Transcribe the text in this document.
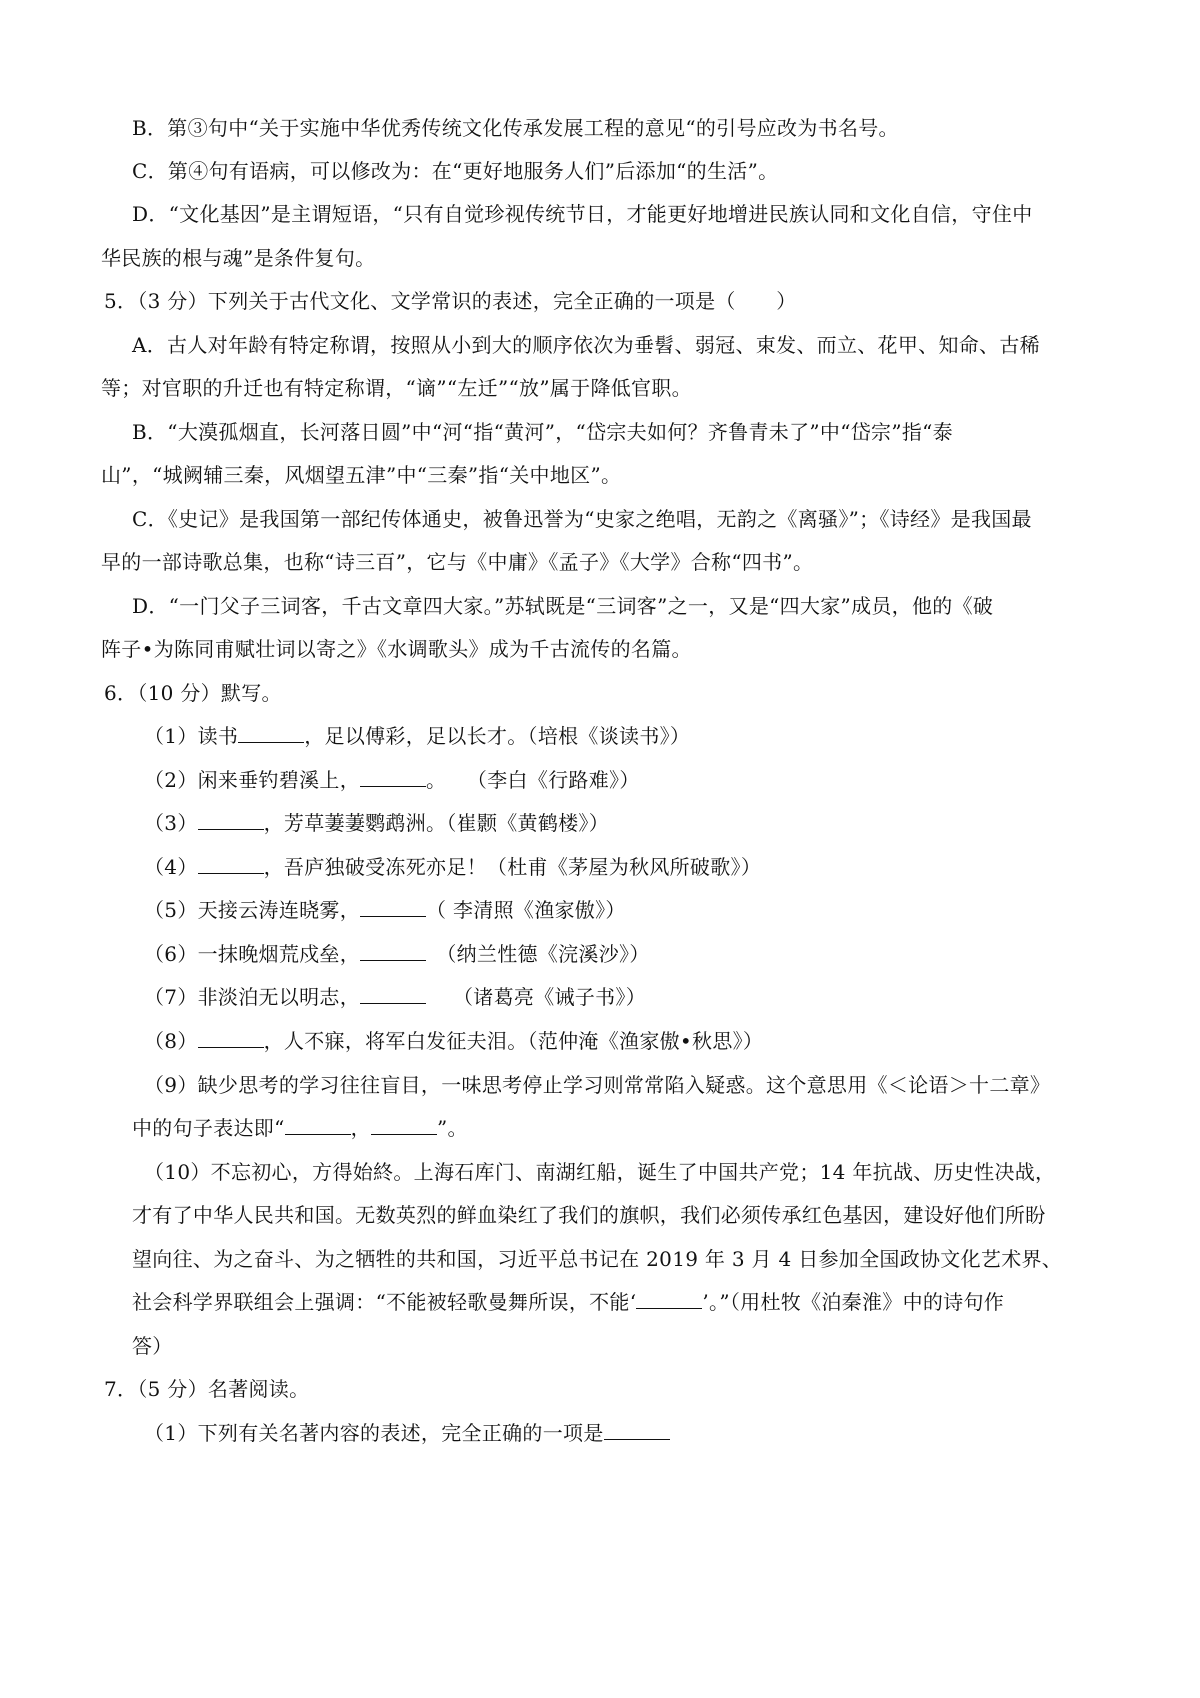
B．第③句中“关于实施中华优秀传统文化传承发展工程的意见“的引号应改为书名号。
C．第④句有语病，可以修改为：在“更好地服务人们”后添加“的生活”。
D．“文化基因”是主谓短语，“只有自觉珍视传统节日，才能更好地增进民族认同和文化自信，守住中
华民族的根与魂”是条件复句。
5．（3 分）下列关于古代文化、文学常识的表述，完全正确的一项是（　　）
A．古人对年龄有特定称谓，按照从小到大的顺序依次为垂髫、弱冠、束发、而立、花甲、知命、古稀
等；对官职的升迁也有特定称谓，“谪”“左迁”“放”属于降低官职。
B．“大漠孤烟直，长河落日圆”中“河“指“黄河”，“岱宗夫如何？齐鲁青未了”中“岱宗”指“泰
山”，“城阙辅三秦，风烟望五津”中“三秦”指“关中地区”。
C．《史记》是我国第一部纪传体通史，被鲁迅誉为“史家之绝唱，无韵之《离骚》”；《诗经》是我国最
早的一部诗歌总集，也称“诗三百”，它与《中庸》《孟子》《大学》合称“四书”。
D．“一门父子三词客，千古文章四大家。”苏轼既是“三词客”之一，又是“四大家”成员，他的《破
阵子•为陈同甫赋壮词以寄之》《水调歌头》成为千古流传的名篇。
6．（10 分）默写。
（1）读书	，足以傅彩，足以长才。（培根《谈读书》）
（2）闲来垂钓碧溪上，	。　　（李白《行路难》）
（3）	，芳草萋萋鹦鹉洲。（崔颢《黄鹤楼》）
（4）	，吾庐独破受冻死亦足！（杜甫《茅屋为秋风所破歌》）
（5）天接云涛连晓雾，	（ 李清照《渔家傲》）
（6）一抹晚烟荒戍垒，	　（纳兰性德《浣溪沙》）
（7）非淡泊无以明志，	　 （诸葛亮《诫子书》）
（8）	，人不寐，将军白发征夫泪。（范仲淹《渔家傲•秋思》）
（9）缺少思考的学习往往盲目，一味思考停止学习则常常陷入疑惑。这个意思用《＜论语＞十二章》
中的句子表达即“	，	”。
（10）不忘初心，方得始終。上海石库门、南湖红船，诞生了中国共产党；14 年抗战、历史性决战，
才有了中华人民共和国。无数英烈的鲜血染红了我们的旗帜，我们必须传承红色基因，建设好他们所盼
望向往、为之奋斗、为之牺牲的共和国，习近平总书记在 2019 年 3 月 4 日参加全国政协文化艺术界、
社会科学界联组会上强调：“不能被轻歌曼舞所误，不能‘	’。”（用杜牧《泊秦淮》中的诗句作
答）
7．（5 分）名著阅读。
（1）下列有关名著内容的表述，完全正确的一项是
